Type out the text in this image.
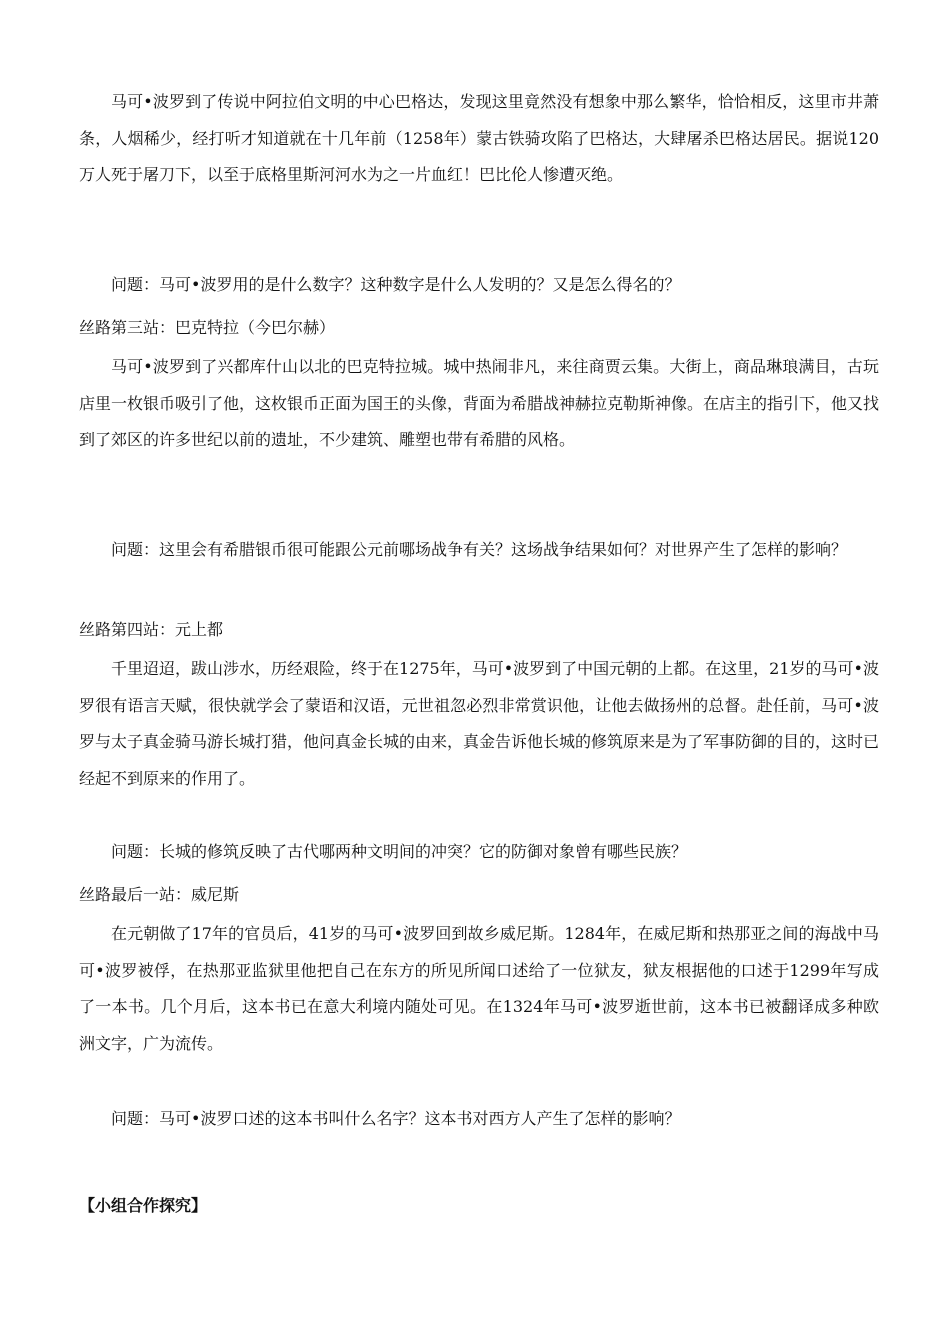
马可•波罗到了传说中阿拉伯文明的中心巴格达，发现这里竟然没有想象中那么繁华，恰恰相反，这里市井萧条，人烟稀少，经打听才知道就在十几年前（1258年）蒙古铁骑攻陷了巴格达，大肆屠杀巴格达居民。据说120万人死于屠刀下，以至于底格里斯河河水为之一片血红！巴比伦人惨遭灭绝。

问题：马可•波罗用的是什么数字？这种数字是什么人发明的？又是怎么得名的？

丝路第三站：巴克特拉（今巴尔赫）

马可•波罗到了兴都库什山以北的巴克特拉城。城中热闹非凡，来往商贾云集。大街上，商品琳琅满目，古玩店里一枚银币吸引了他，这枚银币正面为国王的头像，背面为希腊战神赫拉克勒斯神像。在店主的指引下，他又找到了郊区的许多世纪以前的遗址，不少建筑、雕塑也带有希腊的风格。

问题：这里会有希腊银币很可能跟公元前哪场战争有关？这场战争结果如何？对世界产生了怎样的影响？

丝路第四站：元上都

千里迢迢，跋山涉水，历经艰险，终于在1275年，马可•波罗到了中国元朝的上都。在这里，21岁的马可•波罗很有语言天赋，很快就学会了蒙语和汉语，元世祖忽必烈非常赏识他，让他去做扬州的总督。赴任前，马可•波罗与太子真金骑马游长城打猎，他问真金长城的由来，真金告诉他长城的修筑原来是为了军事防御的目的，这时已经起不到原来的作用了。

问题：长城的修筑反映了古代哪两种文明间的冲突？它的防御对象曾有哪些民族？

丝路最后一站：威尼斯

在元朝做了17年的官员后，41岁的马可•波罗回到故乡威尼斯。1284年，在威尼斯和热那亚之间的海战中马可•波罗被俘，在热那亚监狱里他把自己在东方的所见所闻口述给了一位狱友，狱友根据他的口述于1299年写成了一本书。几个月后，这本书已在意大利境内随处可见。在1324年马可•波罗逝世前，这本书已被翻译成多种欧洲文字，广为流传。

问题：马可•波罗口述的这本书叫什么名字？这本书对西方人产生了怎样的影响？

【小组合作探究】
